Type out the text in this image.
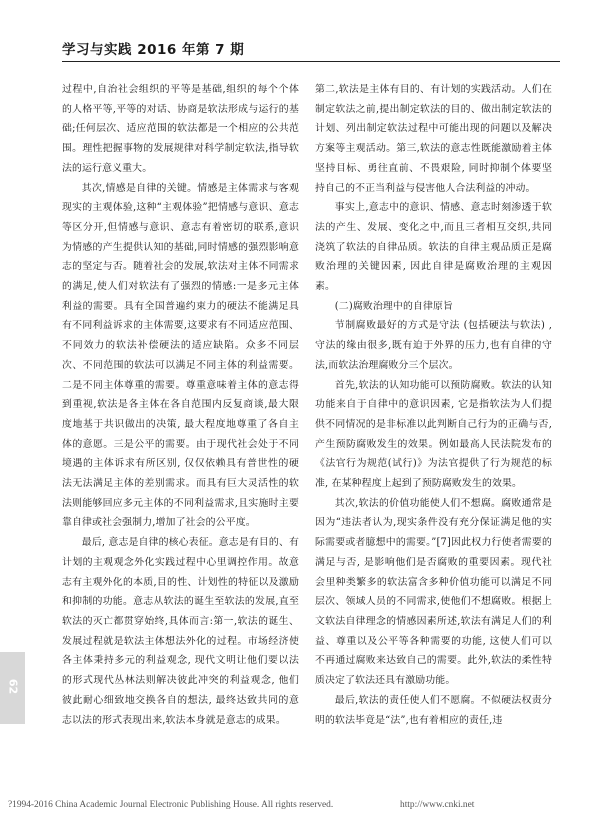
学习与实践 2016 年第 7 期

过程中,自治社会组织的平等是基础,组织的每个个体的人格平等,平等的对话、协商是软法形成与运行的基础;任何层次、适应范围的软法都是一个相应的公共范围。理性把握事物的发展规律对科学制定软法,指导软法的运行意义重大。

其次,情感是自律的关键。情感是主体需求与客观现实的主观体验,这种“主观体验”把情感与意识、意志等区分开,但情感与意识、意志有着密切的联系,意识为情感的产生提供认知的基础,同时情感的强烈影响意志的坚定与否。随着社会的发展,软法对主体不同需求的满足,使人们对软法有了强烈的情感:一是多元主体利益的需要。具有全国普遍约束力的硬法不能满足具有不同利益诉求的主体需要,这要求有不同适应范围、不同效力的软法补偿硬法的适应缺陷。众多不同层次、不同范围的软法可以满足不同主体的利益需要。二是不同主体尊重的需要。尊重意味着主体的意志得到重视,软法是各主体在各自范围内反复商谈,最大限度地基于共识做出的决策, 最大程度地尊重了各自主体的意愿。三是公平的需要。由于现代社会处于不同境遇的主体诉求有所区别, 仅仅依赖具有普世性的硬法无法满足主体的差别需求。而具有巨大灵活性的软法则能够回应多元主体的不同利益需求,且实施时主要靠自律或社会强制力,增加了社会的公平度。

最后, 意志是自律的核心表征。意志是有目的、有计划的主观观念外化实践过程中心里调控作用。故意志有主观外化的本质,目的性、计划性的特征以及激励和抑制的功能。意志从软法的诞生至软法的发展,直至软法的灭亡都贯穿始终,具体而言:第一,软法的诞生、发展过程就是软法主体想法外化的过程。市场经济使各主体秉持多元的利益观念, 现代文明让他们要以法的形式现代丛林法则解决彼此冲突的利益观念, 他们彼此耐心细致地交换各自的想法, 最终达致共同的意志以法的形式表现出来,软法本身就是意志的成果。

第二,软法是主体有目的、有计划的实践活动。人们在制定软法之前,提出制定软法的目的、做出制定软法的计划、列出制定软法过程中可能出现的问题以及解决方案等主观活动。第三,软法的意志性既能激励着主体坚持目标、勇往直前、不畏艰险, 同时抑制个体要坚持自己的不正当利益与侵害他人合法利益的冲动。

事实上,意志中的意识、情感、意志时刻渗透于软法的产生、发展、变化之中,而且三者相互交织,共同浇筑了软法的自律品质。软法的自律主观品质正是腐败治理的关键因素, 因此自律是腐败治理的主观因素。

(二)腐败治理中的自律原旨

节制腐败最好的方式是守法 (包括硬法与软法) ,守法的缘由很多,既有迫于外界的压力,也有自律的守法,而软法治理腐败分三个层次。

首先,软法的认知功能可以预防腐败。软法的认知功能来自于自律中的意识因素, 它是指软法为人们提供不同情况的是非标准以此判断自己行为的正确与否,产生预防腐败发生的效果。例如最高人民法院发布的《法官行为规范(试行)》为法官提供了行为规范的标准, 在某种程度上起到了预防腐败发生的效果。

其次,软法的价值功能使人们不想腐。腐败通常是因为“违法者认为,现实条件没有充分保证满足他的实际需要或者臆想中的需要。”[7]因此权力行使者需要的满足与否, 是影响他们是否腐败的重要因素。现代社会里种类繁多的软法富含多种价值功能可以满足不同层次、领域人员的不同需求,使他们不想腐败。根据上文软法自律理念的情感因素所述,软法有满足人们的利益、尊重以及公平等各种需要的功能, 这使人们可以不再通过腐败来达致自己的需要。此外,软法的柔性特质决定了软法还具有激励功能。

最后,软法的责任使人们不愿腐。不似硬法权责分明的软法毕竟是“法”,也有着相应的责任,违

62
?1994-2016 China Academic Journal Electronic Publishing House. All rights reserved.	http://www.cnki.net
